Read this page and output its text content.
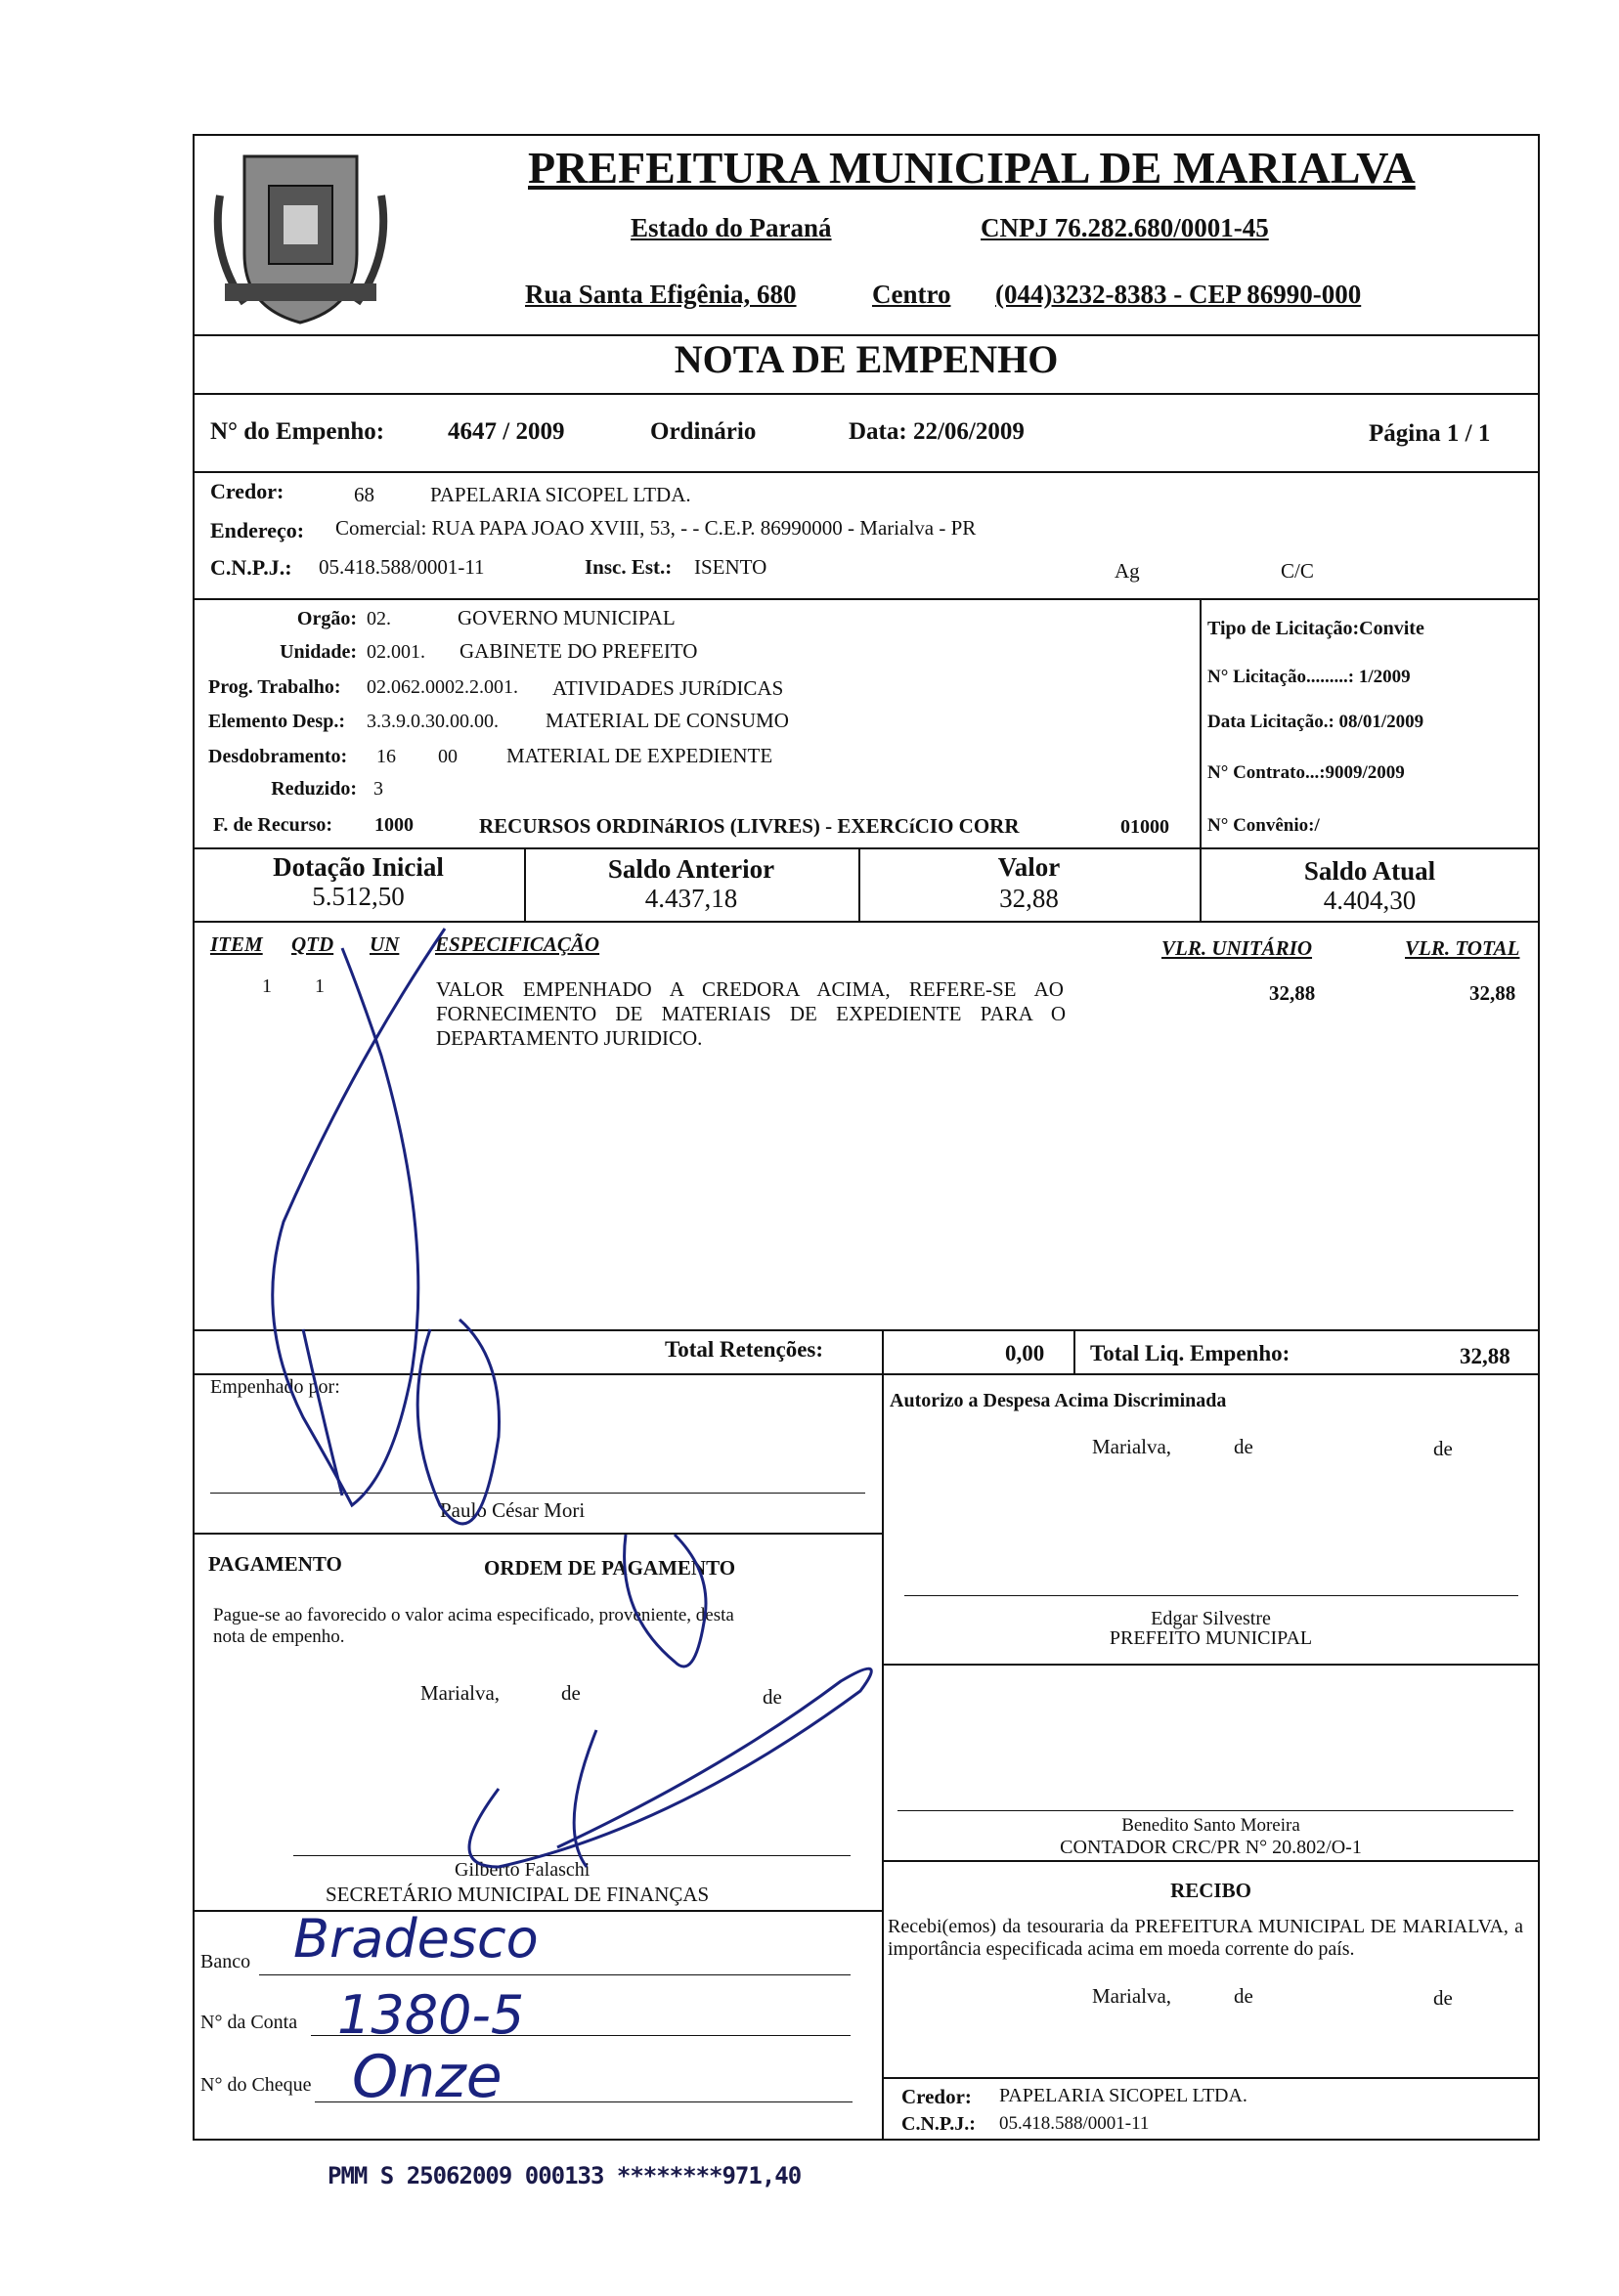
PREFEITURA MUNICIPAL DE MARIALVA
Estado do Paraná	CNPJ 76.282.680/0001-45
Rua Santa Efigênia, 680	Centro (044)3232-8383 - CEP 86990-000
NOTA DE EMPENHO
N° do Empenho:	4647 / 2009	Ordinário	Data: 22/06/2009	Página 1 / 1
Credor:	68	PAPELARIA SICOPEL LTDA.
Endereço: Comercial: RUA PAPA JOAO XVIII, 53, - - C.E.P. 86990000 - Marialva - PR
C.N.P.J.: 05.418.588/0001-11	Insc. Est.: ISENTO	Ag	C/C
Orgão: 02.	GOVERNO MUNICIPAL
Unidade: 02.001. GABINETE DO PREFEITO
Prog. Trabalho: 02.062.0002.2.001. ATIVIDADES JURíDICAS
Elemento Desp.: 3.3.9.0.30.00.00. MATERIAL DE CONSUMO
Desdobramento: 16 00 MATERIAL DE EXPEDIENTE
Reduzido: 3
F. de Recurso: 1000	RECURSOS ORDINáRIOS (LIVRES) - EXERCíCIO CORR	01000
Tipo de Licitação:Convite
N° Licitação.........: 1/2009
Data Licitação.: 08/01/2009
N° Contrato...:9009/2009
N° Convênio:/
Dotação Inicial
5.512,50
Saldo Anterior
4.437,18
Valor
32,88
Saldo Atual
4.404,30
ITEM QTD UN ESPECIFICAÇÃO	VLR. UNITÁRIO	VLR. TOTAL
1 1	VALOR EMPENHADO A CREDORA ACIMA, REFERE-SE AO
FORNECIMENTO DE MATERIAIS DE EXPEDIENTE PARA O
DEPARTAMENTO JURIDICO.
32,88	32,88
Total Retenções:	0,00 Total Liq. Empenho:	32,88
Empenhado por:
Paulo César Mori
Autorizo a Despesa Acima Discriminada
Marialva,	de	de
PAGAMENTO	ORDEM DE PAGAMENTO
Pague-se ao favorecido o valor acima especificado, proveniente, desta
nota de empenho.
Marialva,	de	de
Edgar Silvestre
PREFEITO MUNICIPAL
Gilberto Falaschi
SECRETÁRIO MUNICIPAL DE FINANÇAS
Benedito Santo Moreira
CONTADOR CRC/PR N° 20.802/O-1
RECIBO
Recebi(emos) da tesouraria da PREFEITURA MUNICIPAL DE MARIALVA, a importância especificada acima em moeda corrente do país.
Marialva,	de	de
Credor: PAPELARIA SICOPEL LTDA.
C.N.P.J.: 05.418.588/0001-11
Banco Bradesco
N° da Conta 1380-5
N° do Cheque Onze
PMM S 25062009 000133 ********971,40
